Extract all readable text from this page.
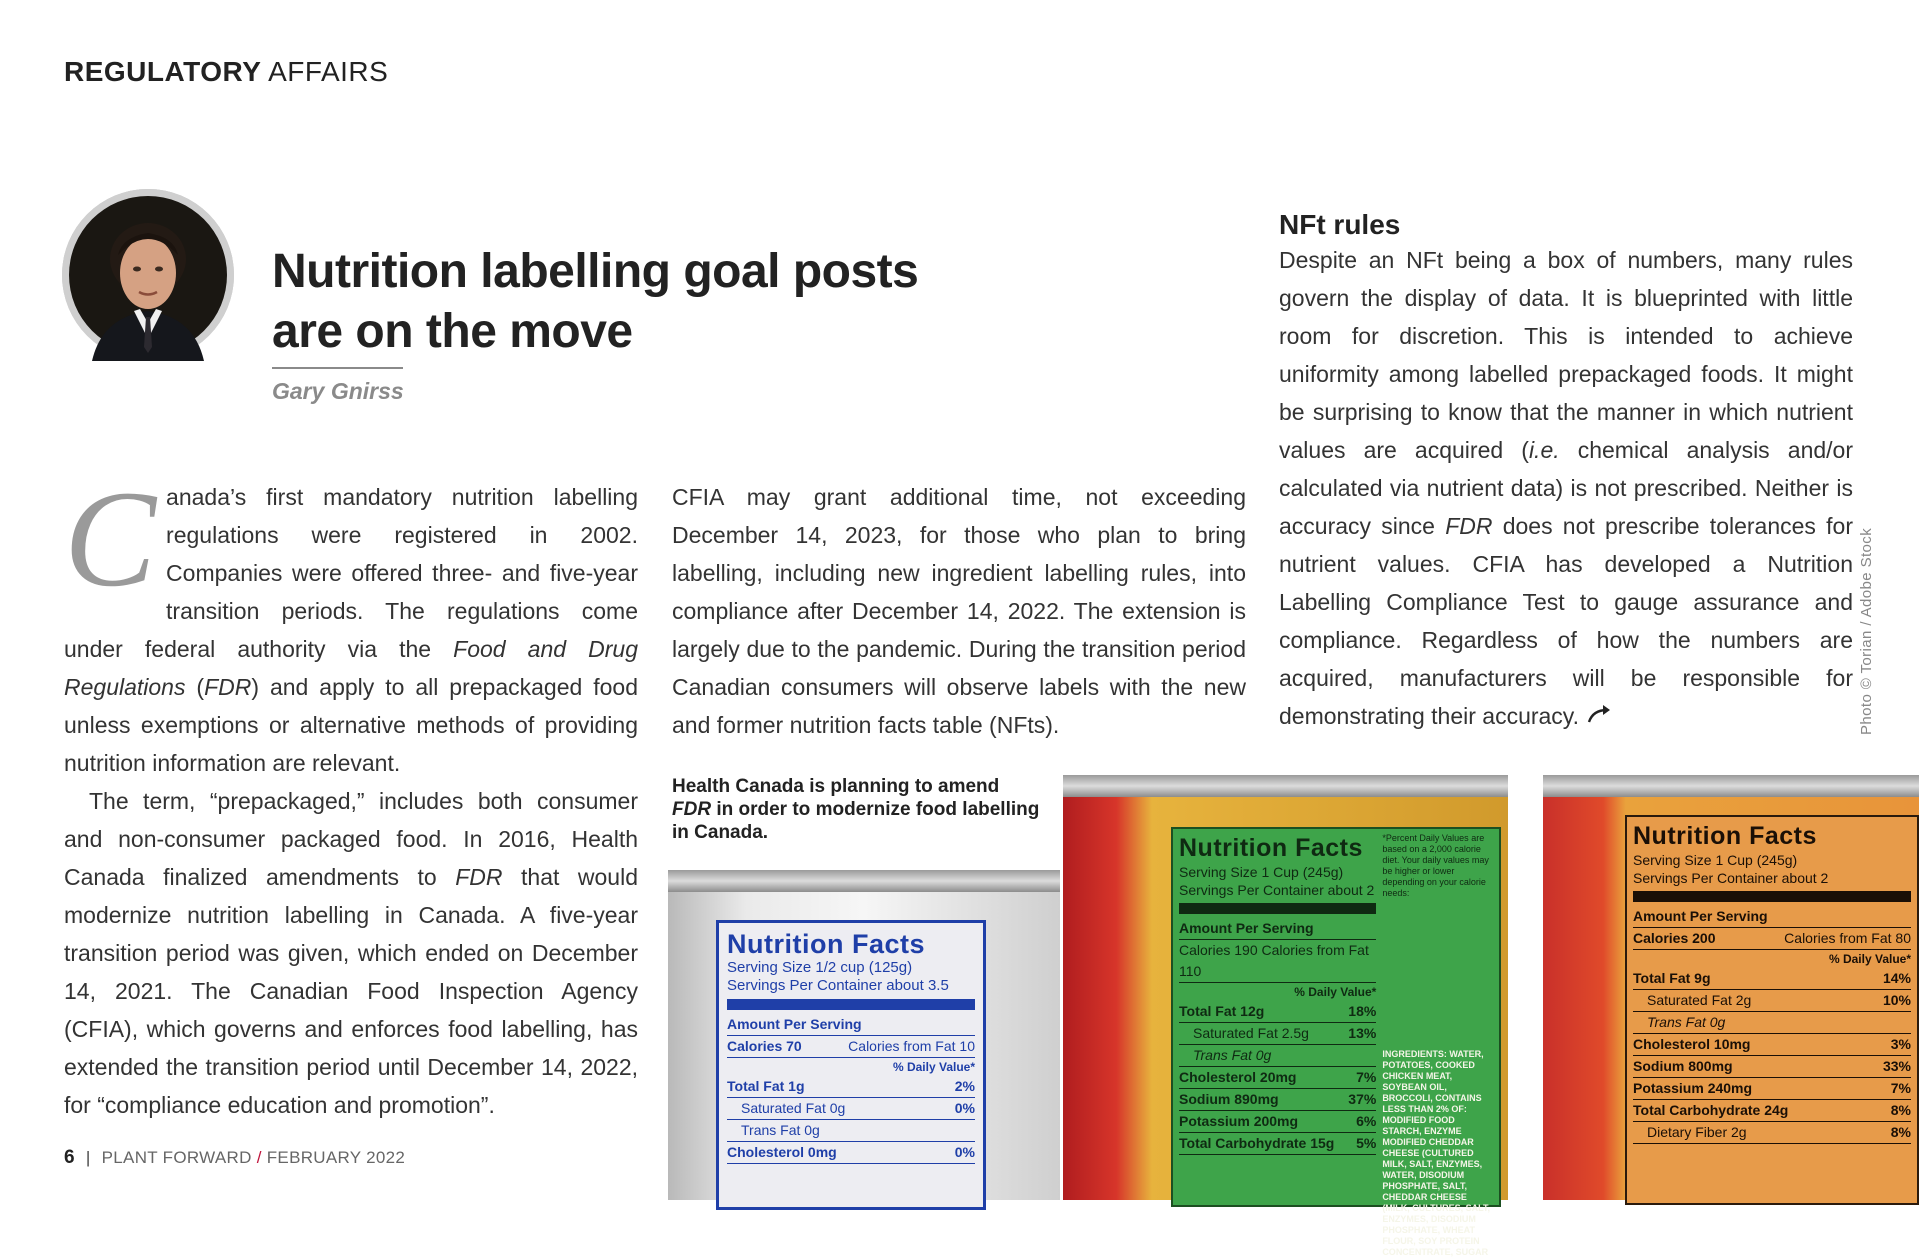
REGULATORY AFFAIRS
Nutrition labelling goal posts
are on the move
Gary Gnirss

Canada’s first mandatory nutrition labelling regulations were registered in 2002. Companies were offered three- and five-year transition periods. The regulations come under federal authority via the Food and Drug Regulations (FDR) and apply to all prepackaged food unless exemptions or alternative methods of providing nutrition information are relevant.

The term, “prepackaged,” includes both consumer and non-consumer packaged food. In 2016, Health Canada finalized amendments to FDR that would modernize nutrition labelling in Canada. A five-year transition period was given, which ended on December 14, 2021. The Canadian Food Inspection Agency (CFIA), which governs and enforces food labelling, has extended the transition period until December 14, 2022, for “compliance education and promotion”.

CFIA may grant additional time, not exceeding December 14, 2023, for those who plan to bring labelling, including new ingredient labelling rules, into compliance after December 14, 2022. The extension is largely due to the pandemic. During the transition period Canadian consumers will observe labels with the new and former nutrition facts table (NFts).

NFt rules

Despite an NFt being a box of numbers, many rules govern the display of data. It is blueprinted with little room for discretion. This is intended to achieve uniformity among labelled prepackaged foods. It might be surprising to know that the manner in which nutrient values are acquired (i.e. chemical analysis and/or calculated via nutrient data) is not prescribed. Neither is accuracy since FDR does not prescribe tolerances for nutrient values. CFIA has developed a Nutrition Labelling Compliance Test to gauge assurance and compliance. Regardless of how the numbers are acquired, manufacturers will be responsible for demonstrating their accuracy.	Photo © Torian / Adobe Stock
Nutrition Facts
Serving Size 1/2 cup (125g)
Servings Per Container about 3.5
Amount Per Serving
Calories 70	Calories from Fat 10
% Daily Value*
Total Fat 1g	2%
Saturated Fat 0g	0%
Trans Fat 0g
Cholesterol 0mg	0%
Nutrition Facts
Serving Size 1 Cup (245g)
Servings Per Container about 2
Amount Per Serving
Calories 190 Calories from Fat 110
% Daily Value*
Total Fat 12g	18%
Saturated Fat 2.5g	13%
Trans Fat 0g
Cholesterol 20mg	7%
Sodium 890mg	37%
Potassium 200mg	6%
Total Carbohydrate 15g 5%
*Percent Daily Values are based on a 2,000 calorie diet. Your daily values may be higher or lower depending on your calorie needs:
INGREDIENTS: WATER, POTATOES, COOKED CHICKEN MEAT, SOYBEAN OIL, BROCCOLI, CONTAINS LESS THAN 2% OF: MODIFIED FOOD STARCH, ENZYME MODIFIED CHEDDAR CHEESE (CULTURED MILK, SALT, ENZYMES, WATER, DISODIUM PHOSPHATE, SALT, CHEDDAR CHEESE (MILK, CULTURES, SALT, ENZYMES, DISODIUM PHOSPHATE, WHEAT FLOUR, SOY PROTEIN CONCENTRATE, SUGAR
Nutrition Facts
Serving Size 1 Cup (245g)
Servings Per Container about 2
Amount Per Serving
Calories 200	Calories from Fat 80
% Daily Value*
Total Fat 9g	14%
Saturated Fat 2g	10%
Trans Fat 0g
Cholesterol 10mg	3%
Sodium 800mg	33%
Potassium 240mg	7%
Total Carbohydrate 24g	8%
Dietary Fiber 2g	8%
Health Canada is planning to amend FDR in order to modernize food labelling in Canada.
6 | PLANT FORWARD / FEBRUARY 2022
